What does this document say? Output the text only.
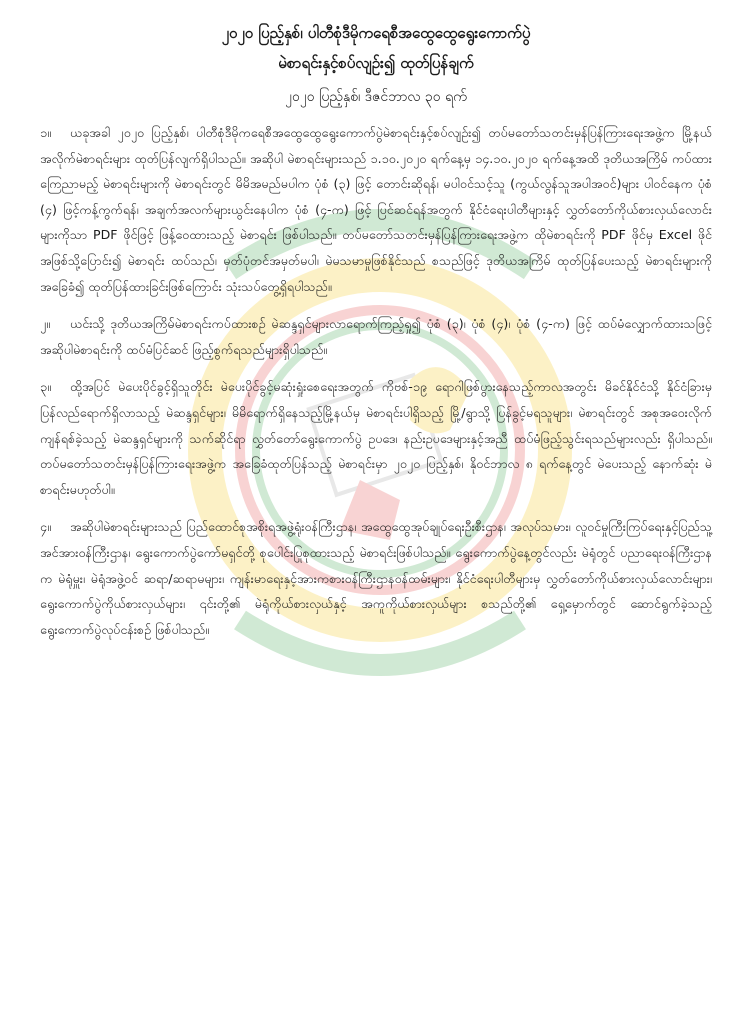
၂၀၂၀ ပြည့်နှစ်၊ ပါတီစုံဒီမိုကရေစီအထွေထွေရွေးကောက်ပွဲ

မဲစာရင်းနှင့်စပ်လျဉ်း၍ ထုတ်ပြန်ချက်

၂၀၂၀ ပြည့်နှစ်၊ ဒီဇင်ဘာလ ၃၀ ရက်

၁။ ယခုအခါ ၂၀၂၀ ပြည့်နှစ်၊ ပါတီစုံဒီမိုကရေစီအထွေထွေရွေးကောက်ပွဲမဲစာရင်းနှင့်စပ်လျဉ်း၍ တပ်မတော်သတင်းမှန်ပြန်ကြားရေးအဖွဲ့က မြို့နယ်အလိုက်မဲစာရင်းများ ထုတ်ပြန်လျက်ရှိပါသည်။ အဆိုပါ မဲစာရင်းများသည် ၁.၁၀.၂၀၂၀ ရက်နေ့မှ ၁၄.၁၀.၂၀၂၀ ရက်နေ့အထိ ဒုတိယအကြိမ် ကပ်ထားကြေညာမည့် မဲစာရင်းများကို မဲစာရင်းတွင် မိမိအမည်မပါက ပုံစံ (၃) ဖြင့် တောင်းဆိုရန်၊ မပါဝင်သင့်သူ (ကွယ်လွန်သူအပါအဝင်)များ ပါဝင်နေက ပုံစံ (၄) ဖြင့်ကန့်ကွက်ရန်၊ အချက်အလက်များယွင်းနေပါက ပုံစံ (၄-က) ဖြင့် ပြင်ဆင်ရန်အတွက် နိုင်ငံရေးပါတီများနှင့် လွှတ်တော်ကိုယ်စားလှယ်လောင်းများကိုသာ PDF ဖိုင်ဖြင့် ဖြန့်ဝေထားသည့် မဲစာရင်း ဖြစ်ပါသည်။ တပ်မတော်သတင်းမှန်ပြန်ကြားရေးအဖွဲ့က ထိုမဲစာရင်းကို PDF ဖိုင်မှ Excel ဖိုင်အဖြစ်သို့ပြောင်း၍ မဲစာရင်း ထပ်သည်၊ မှတ်ပုံတင်အမှတ်မပါ၊ မဲမသမာမှုဖြစ်နိုင်သည် စသည်ဖြင့် ဒုတိယအကြိမ် ထုတ်ပြန်ပေးသည့် မဲစာရင်းများကိုအခြေခံ၍ ထုတ်ပြန်ထားခြင်းဖြစ်ကြောင်း သုံးသပ်တွေ့ရှိရပါသည်။

၂။ ယင်းသို့ ဒုတိယအကြိမ်မဲစာရင်းကပ်ထားစဉ် မဲဆန္ဒရှင်များလာရောက်ကြည့်ရှု၍ ပုံစံ (၃)၊ ပုံစံ (၄)၊ ပုံစံ (၄-က) ဖြင့် ထပ်မံလျှောက်ထားသဖြင့် အဆိုပါမဲစာရင်းကို ထပ်မံပြင်ဆင် ဖြည့်စွက်ရသည်များရှိပါသည်။

၃။ ထို့အပြင် မဲပေးပိုင်ခွင့်ရှိသူတိုင်း မဲပေးပိုင်ခွင့်မဆုံးရှုံးစေရေးအတွက် ကိုဗစ်-၁၉ ရောဂါဖြစ်ပွားနေသည့်ကာလအတွင်း မိခင်နိုင်ငံသို့ နိုင်ငံခြားမှပြန်လည်ရောက်ရှိလာသည့် မဲဆန္ဒရှင်များ၊ မိမိရောက်ရှိနေသည့်မြို့နယ်မှ မဲစာရင်းပါရှိသည့် မြို့/ရွာသို့ ပြန်ခွင့်မရသူများ၊ မဲစာရင်းတွင် အစုအဝေးလိုက် ကျန်ရစ်ခဲ့သည့် မဲဆန္ဒရှင်များကို သက်ဆိုင်ရာ လွှတ်တော်ရွေးကောက်ပွဲ ဥပဒေ၊ နည်းဥပဒေများနှင့်အညီ ထပ်မံဖြည့်သွင်းရသည်များလည်း ရှိပါသည်။ တပ်မတော်သတင်းမှန်ပြန်ကြားရေးအဖွဲ့က အခြေခံထုတ်ပြန်သည့် မဲစာရင်းမှာ ၂၀၂၀ ပြည့်နှစ်၊ နိုဝင်ဘာလ ၈ ရက်နေ့တွင် မဲပေးသည့် နောက်ဆုံး မဲစာရင်းမဟုတ်ပါ။

၄။ အဆိုပါမဲစာရင်းများသည် ပြည်ထောင်စုအစိုးရအဖွဲ့ရုံးဝန်ကြီးဌာန၊ အထွေထွေအုပ်ချုပ်ရေးဦးစီးဌာန၊ အလုပ်သမား၊ လူဝင်မှုကြီးကြပ်ရေးနှင့်ပြည်သူ့အင်အားဝန်ကြီးဌာန၊ ရွေးကောက်ပွဲကော်မရှင်တို့ စုပေါင်းပြုစုထားသည့် မဲစာရင်းဖြစ်ပါသည်။ ရွေးကောက်ပွဲနေ့တွင်လည်း မဲရုံတွင် ပညာရေးဝန်ကြီးဌာနက မဲရုံမှူး၊ မဲရုံအဖွဲ့ဝင် ဆရာ/ဆရာမများ၊ ကျန်းမာရေးနှင့်အားကစားဝန်ကြီးဌာနဝန်ထမ်းများ၊ နိုင်ငံရေးပါတီများမှ လွှတ်တော်ကိုယ်စားလှယ်လောင်းများ၊ ရွေးကောက်ပွဲကိုယ်စားလှယ်များ၊ ၎င်းတို့၏ မဲရုံကိုယ်စားလှယ်နှင့် အကူကိုယ်စားလှယ်များ စသည်တို့၏ ရှေ့မှောက်တွင် ဆောင်ရွက်ခဲ့သည့် ရွေးကောက်ပွဲလုပ်ငန်းစဉ် ဖြစ်ပါသည်။
